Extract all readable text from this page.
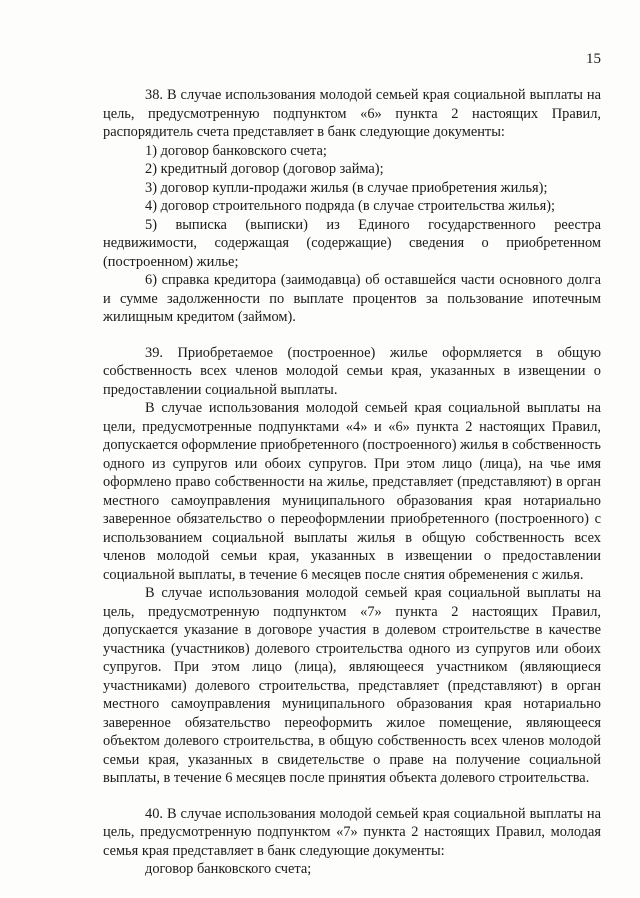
15

38. В случае использования молодой семьей края социальной выплаты на цель, предусмотренную подпунктом «6» пункта 2 настоящих Правил, распорядитель счета представляет в банк следующие документы:

1) договор банковского счета;

2) кредитный договор (договор займа);

3) договор купли-продажи жилья (в случае приобретения жилья);

4) договор строительного подряда (в случае строительства жилья);

5) выписка (выписки) из Единого государственного реестра недвижимости, содержащая (содержащие) сведения о приобретенном (построенном) жилье;

6) справка кредитора (заимодавца) об оставшейся части основного долга и сумме задолженности по выплате процентов за пользование ипотечным жилищным кредитом (займом).

39. Приобретаемое (построенное) жилье оформляется в общую собственность всех членов молодой семьи края, указанных в извещении о предоставлении социальной выплаты.

В случае использования молодой семьей края социальной выплаты на цели, предусмотренные подпунктами «4» и «6» пункта 2 настоящих Правил, допускается оформление приобретенного (построенного) жилья в собственность одного из супругов или обоих супругов. При этом лицо (лица), на чье имя оформлено право собственности на жилье, представляет (представляют) в орган местного самоуправления муниципального образования края нотариально заверенное обязательство о переоформлении приобретенного (построенного) с использованием социальной выплаты жилья в общую собственность всех членов молодой семьи края, указанных в извещении о предоставлении социальной выплаты, в течение 6 месяцев после снятия обременения с жилья.

В случае использования молодой семьей края социальной выплаты на цель, предусмотренную подпунктом «7» пункта 2 настоящих Правил, допускается указание в договоре участия в долевом строительстве в качестве участника (участников) долевого строительства одного из супругов или обоих супругов. При этом лицо (лица), являющееся участником (являющиеся участниками) долевого строительства, представляет (представляют) в орган местного самоуправления муниципального образования края нотариально заверенное обязательство переоформить жилое помещение, являющееся объектом долевого строительства, в общую собственность всех членов молодой семьи края, указанных в свидетельстве о праве на получение социальной выплаты, в течение 6 месяцев после принятия объекта долевого строительства.

40. В случае использования молодой семьей края социальной выплаты на цель, предусмотренную подпунктом «7» пункта 2 настоящих Правил, молодая семья края представляет в банк следующие документы:

договор банковского счета;
